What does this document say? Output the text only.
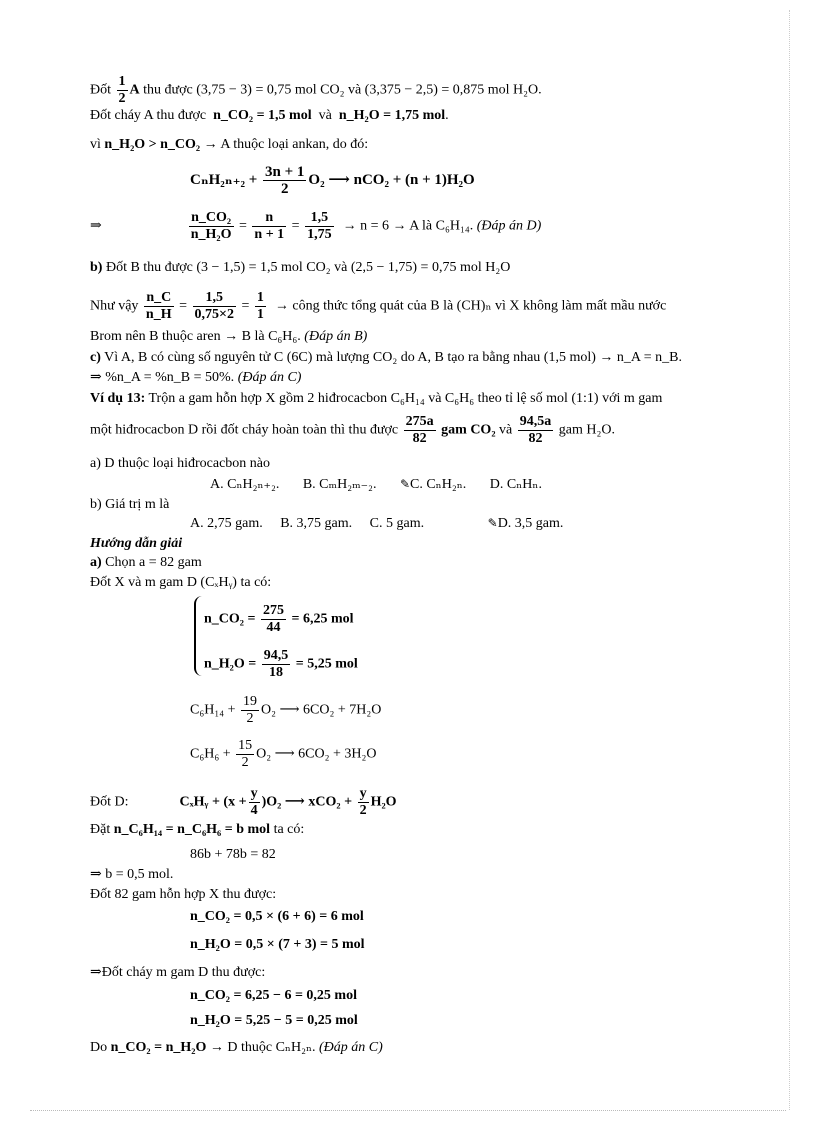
Đốt $\frac{1}{2}$ A thu được (3,75 − 3) = 0,75 mol CO₂ và (3,375 − 2,5) = 0,875 mol H₂O.
Đốt cháy A thu được n_CO₂ = 1,5 mol và n_H₂O = 1,75 mol.
vì n_H₂O > n_CO₂ → A thuộc loại ankan, do đó:
$C_nH_{2n+2} + \frac{3n + 1}{2} O_2$ ⟶ nCO₂ + (n + 1)H₂O
⇒	$\frac{\text{n\_CO₂}}{\text{n\_H₂O}} = \frac{n}{n + 1} = \frac{1,5}{1,75} \to n = 6 \to A$ là C₆H₁₄. (Đáp án D)
b) Đốt B thu được (3 − 1,5) = 1,5 mol CO₂ và (2,5 − 1,75) = 0,75 mol H₂O
Như vậy $\frac{n\_C}{n\_H} = \frac{1,5}{0,75\times 2} = \frac{1}{1}$ → công thức tổng quát của B là (CH)ₙ vì X không làm mất mầu nước
Brom nên B thuộc aren → B là C₆H₆. (Đáp án B)
c) Vì A, B có cùng số nguyên tử C (6C) mà lượng CO₂ do A, B tạo ra bằng nhau (1,5 mol) → n_A = n_B.
⇒ %n_A = %n_B = 50%. (Đáp án C)
Ví dụ 13: Trộn a gam hỗn hợp X gồm 2 hiđrocacbon C₆H₁₄ và C₆H₆ theo tỉ lệ số mol (1:1) với m gam
một hiđrocacbon D rồi đốt cháy hoàn toàn thì thu được $\frac{275a}{82}$ gam CO₂ và $\frac{94,5a}{82}$ gam H₂O.
a) D thuộc loại hiđrocacbon nào
A. CₙH₂ₙ₊₂. B. CₘH₂ₘ₋₂. ✎C. CₙH₂ₙ. D. CₙHₙ.
b) Giá trị m là
A. 2,75 gam. B. 3,75 gam. C. 5 gam.	✎D. 3,5 gam.
Hướng dẫn giải
a) Chọn a = 82 gam
Đốt X và m gam D (CₓHᵧ) ta có:
n_CO₂ = $\frac{275}{44} = 6,25$ mol
n_H₂O = $\frac{94,5}{18} = 5,25$ mol
$C_6H_{14} + \frac{19}{2} O_2$ ⟶ 6CO₂ + 7H₂O
$C_6H_6 + \frac{15}{2} O_2$ ⟶ 6CO₂ + 3H₂O
Đốt D:	CₓHᵧ + $(x + \frac{y}{4} )O_2$ ⟶ $xCO_2 + \frac{y}{2} H_2O$
Đặt n_C₆H₁₄ = n_C₆H₆ = b mol ta có:
86b + 78b = 82
⇒ b = 0,5 mol.
Đốt 82 gam hỗn hợp X thu được:
n_CO₂ = 0,5 × (6 + 6) = 6 mol
n_H₂O = 0,5 × (7 + 3) = 5 mol
⇒Đốt cháy m gam D thu được:
n_CO₂ = 6,25 − 6 = 0,25 mol
n_H₂O = 5,25 − 5 = 0,25 mol
Do n_CO₂ = n_H₂O → D thuộc CₙH₂ₙ. (Đáp án C)
